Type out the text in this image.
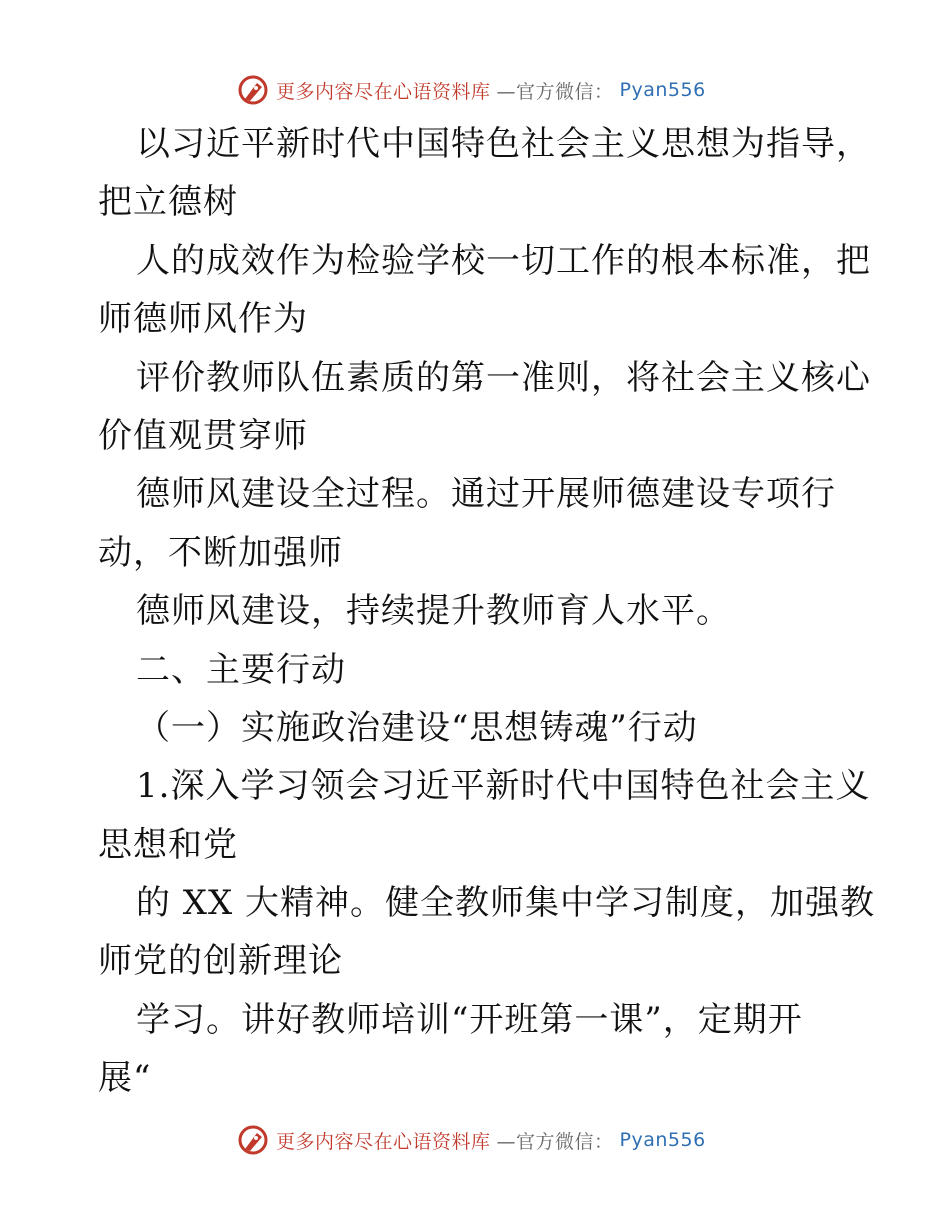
更多内容尽在心语资料库 —官方微信： Pyan556
以习近平新时代中国特色社会主义思想为指导，
把立德树
人的成效作为检验学校一切工作的根本标准，把
师德师风作为
评价教师队伍素质的第一准则，将社会主义核心
价值观贯穿师
德师风建设全过程。通过开展师德建设专项行
动，不断加强师
德师风建设，持续提升教师育人水平。
二、主要行动
（一）实施政治建设“思想铸魂”行动
1.深入学习领会习近平新时代中国特色社会主义
思想和党
的 XX 大精神。健全教师集中学习制度，加强教
师党的创新理论
学习。讲好教师培训“开班第一课”，定期开
展“
更多内容尽在心语资料库 —官方微信： Pyan556
